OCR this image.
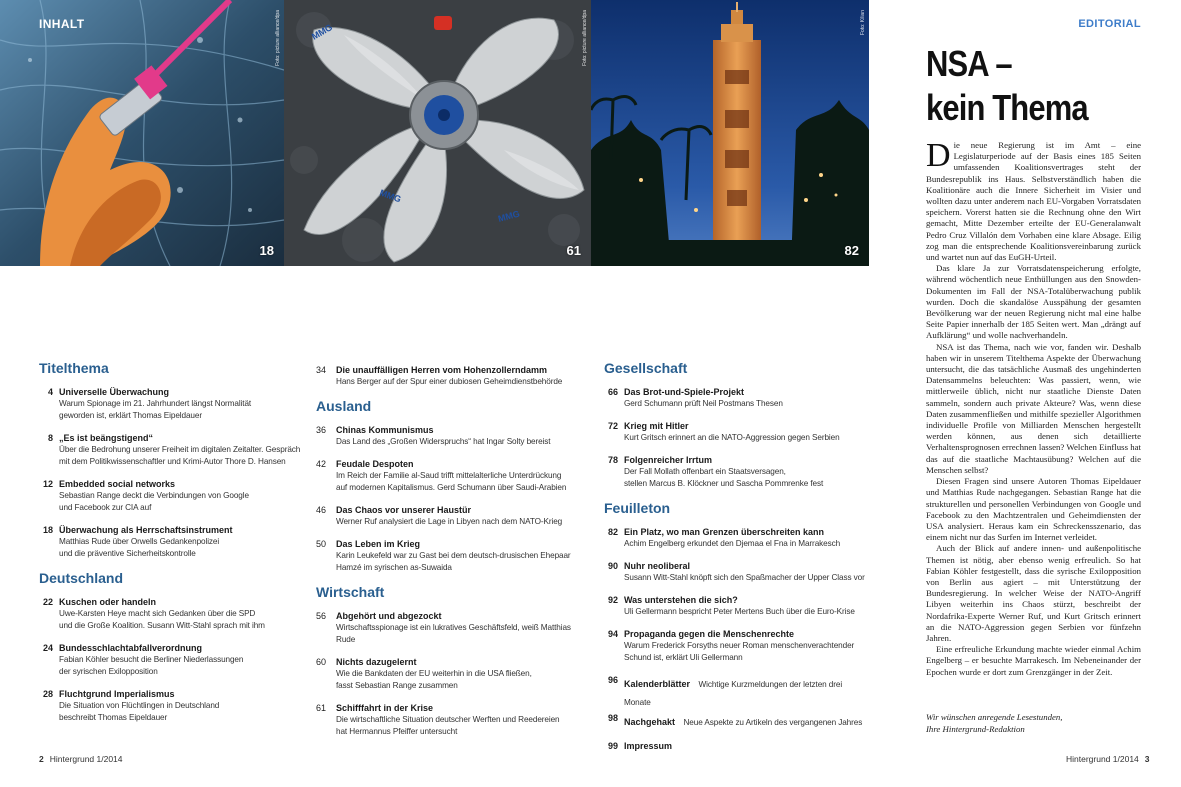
18
Foto: picture alliance/dpa
INHALT	MMG
MMG
MMG
61
Foto: picture alliance/dpa
82
Foto: Kilian
Titelthema
4 Universelle Überwachung
Warum Spionage im 21. Jahrhundert längst Normalität
geworden ist, erklärt Thomas Eipeldauer
8 „Es ist beängstigend“
Über die Bedrohung unserer Freiheit im digitalen Zeitalter. Gespräch
mit dem Politikwissenschaftler und Krimi-Autor Thore D. Hansen
12 Embedded social networks
Sebastian Range deckt die Verbindungen von Google
und Facebook zur CIA auf
18 Überwachung als Herrschaftsinstrument
Matthias Rude über Orwells Gedankenpolizei
und die präventive Sicherheitskontrolle
Deutschland
22 Kuschen oder handeln
Uwe-Karsten Heye macht sich Gedanken über die SPD
und die Große Koalition. Susann Witt-Stahl sprach mit ihm
24 Bundesschlachtabfallverordnung
Fabian Köhler besucht die Berliner Niederlassungen
der syrischen Exilopposition
28 Fluchtgrund Imperialismus
Die Situation von Flüchtlingen in Deutschland
beschreibt Thomas Eipeldauer
34 Die unauffälligen Herren vom Hohenzollerndamm
Hans Berger auf der Spur einer dubiosen Geheimdienstbehörde
Ausland
36 Chinas Kommunismus
Das Land des „Großen Widerspruchs“ hat Ingar Solty bereist
42 Feudale Despoten
Im Reich der Familie al-Saud trifft mittelalterliche Unterdrückung
auf modernen Kapitalismus. Gerd Schumann über Saudi-Arabien
46 Das Chaos vor unserer Haustür
Werner Ruf analysiert die Lage in Libyen nach dem NATO-Krieg
50 Das Leben im Krieg
Karin Leukefeld war zu Gast bei dem deutsch-drusischen Ehepaar
Hamzé im syrischen as-Suwaida
Wirtschaft
56 Abgehört und abgezockt
Wirtschaftsspionage ist ein lukratives Geschäftsfeld, weiß Matthias Rude
60 Nichts dazugelernt
Wie die Bankdaten der EU weiterhin in die USA fließen,
fasst Sebastian Range zusammen
61 Schifffahrt in der Krise
Die wirtschaftliche Situation deutscher Werften und Reedereien
hat Hermannus Pfeiffer untersucht
Gesellschaft
66 Das Brot-und-Spiele-Projekt
Gerd Schumann prüft Neil Postmans Thesen
72 Krieg mit Hitler
Kurt Gritsch erinnert an die NATO-Aggression gegen Serbien
78 Folgenreicher Irrtum
Der Fall Mollath offenbart ein Staatsversagen,
stellen Marcus B. Klöckner und Sascha Pommrenke fest
Feuilleton
82 Ein Platz, wo man Grenzen überschreiten kann
Achim Engelberg erkundet den Djemaa el Fna in Marrakesch
90 Nuhr neoliberal
Susann Witt-Stahl knöpft sich den Spaßmacher der Upper Class vor
92 Was unterstehen die sich?
Uli Gellermann bespricht Peter Mertens Buch über die Euro-Krise
94 Propaganda gegen die Menschenrechte
Warum Frederick Forsyths neuer Roman menschenverachtender
Schund ist, erklärt Uli Gellermann
96 Kalenderblätter Wichtige Kurzmeldungen der letzten drei Monate
98 Nachgehakt Neue Aspekte zu Artikeln des vergangenen Jahres
99 Impressum
2 Hintergrund 1/2014	Hintergrund 1/2014 3
EDITORIAL
NSA –
kein Thema

Die neue Regierung ist im Amt – eine Legislaturperiode auf der Basis eines 185 Seiten umfassenden Koalitionsvertrages steht der Bundesrepublik ins Haus. Selbstverständlich haben die Koalitionäre auch die Innere Sicherheit im Visier und wollten dazu unter anderem nach EU-Vorgaben Vorratsdaten speichern. Vorerst hatten sie die Rechnung ohne den Wirt gemacht, Mitte Dezember erteilte der EU-Generalanwalt Pedro Cruz Villalón dem Vorhaben eine klare Absage. Eilig zog man die entsprechende Koalitionsvereinbarung zurück und wartet nun auf das EuGH-Urteil.

Das klare Ja zur Vorratsdatenspeicherung erfolgte, während wöchentlich neue Enthüllungen aus den Snowden-Dokumenten im Fall der NSA-Totalüberwachung publik wurden. Doch die skandalöse Ausspähung der gesamten Bevölkerung war der neuen Regierung nicht mal eine halbe Seite Papier innerhalb der 185 Seiten wert. Man „drängt auf Aufklärung“ und wolle nachverhandeln.

NSA ist das Thema, nach wie vor, fanden wir. Deshalb haben wir in unserem Titelthema Aspekte der Überwachung untersucht, die das tatsächliche Ausmaß des ungehinderten Datensammelns beleuchten: Was passiert, wenn, wie mittlerweile üblich, nicht nur staatliche Dienste Daten sammeln, sondern auch private Akteure? Was, wenn diese Daten zusammenfließen und mithilfe spezieller Algorithmen individuelle Profile von Milliarden Menschen hergestellt werden können, aus denen sich detaillierte Verhaltensprognosen errechnen lassen? Welchen Einfluss hat das auf die staatliche Machtausübung? Welchen auf die Menschen selbst?

Diesen Fragen sind unsere Autoren Thomas Eipeldauer und Matthias Rude nachgegangen. Sebastian Range hat die strukturellen und personellen Verbindungen von Google und Facebook zu den Machtzentralen und Geheimdiensten der USA analysiert. Heraus kam ein Schreckensszenario, das einem nicht nur das Surfen im Internet verleidet.

Auch der Blick auf andere innen- und außenpolitische Themen ist nötig, aber ebenso wenig erfreulich. So hat Fabian Köhler festgestellt, dass die syrische Exilopposition von Berlin aus agiert – mit Unterstützung der Bundesregierung. In welcher Weise der NATO-Angriff Libyen weiterhin ins Chaos stürzt, beschreibt der Nordafrika-Experte Werner Ruf, und Kurt Gritsch erinnert an die NATO-Aggression gegen Serbien vor fünfzehn Jahren.

Eine erfreuliche Erkundung machte wieder einmal Achim Engelberg – er besuchte Marrakesch. Im Nebeneinander der Epochen wurde er dort zum Grenzgänger in der Zeit.

Wir wünschen anregende Lesestunden,
Ihre Hintergrund-Redaktion
